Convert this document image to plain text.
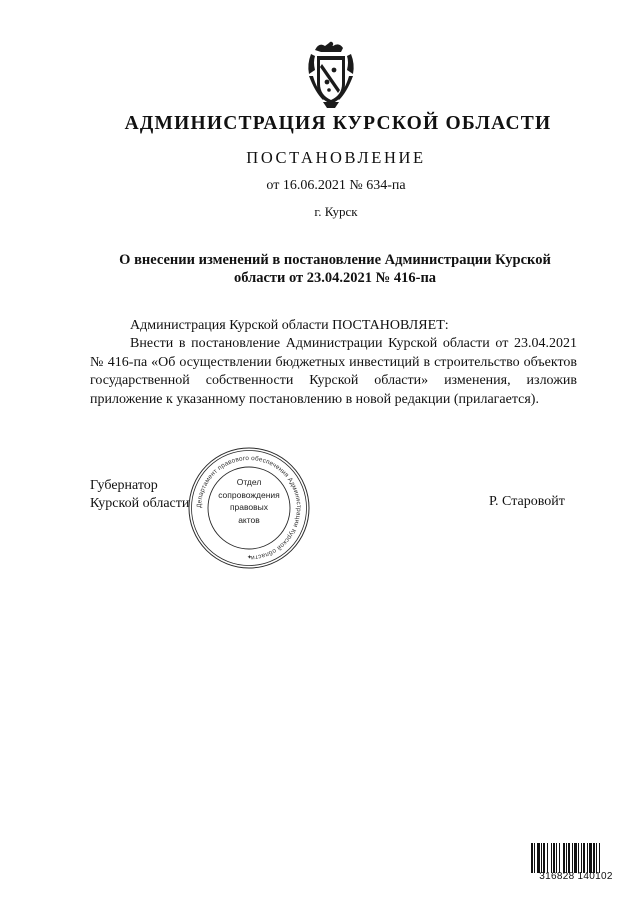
АДМИНИСТРАЦИЯ КУРСКОЙ ОБЛАСТИ
ПОСТАНОВЛЕНИЕ
от 16.06.2021 № 634-па
г. Курск
О внесении изменений в постановление Администрации Курской области от 23.04.2021 № 416-па
Администрация Курской области ПОСТАНОВЛЯЕТ:
Внести в постановление Администрации Курской области от 23.04.2021 № 416-па «Об осуществлении бюджетных инвестиций в строительство объектов государственной собственности Курской области» изменения, изложив приложение к указанному постановлению в новой редакции (прилагается).
Губернатор
Курской области	Р. Старовойт
Департамент правового обеспечения Администрации Курской области
✦
Отдел
сопровождения
правовых
актов
316828 140102
